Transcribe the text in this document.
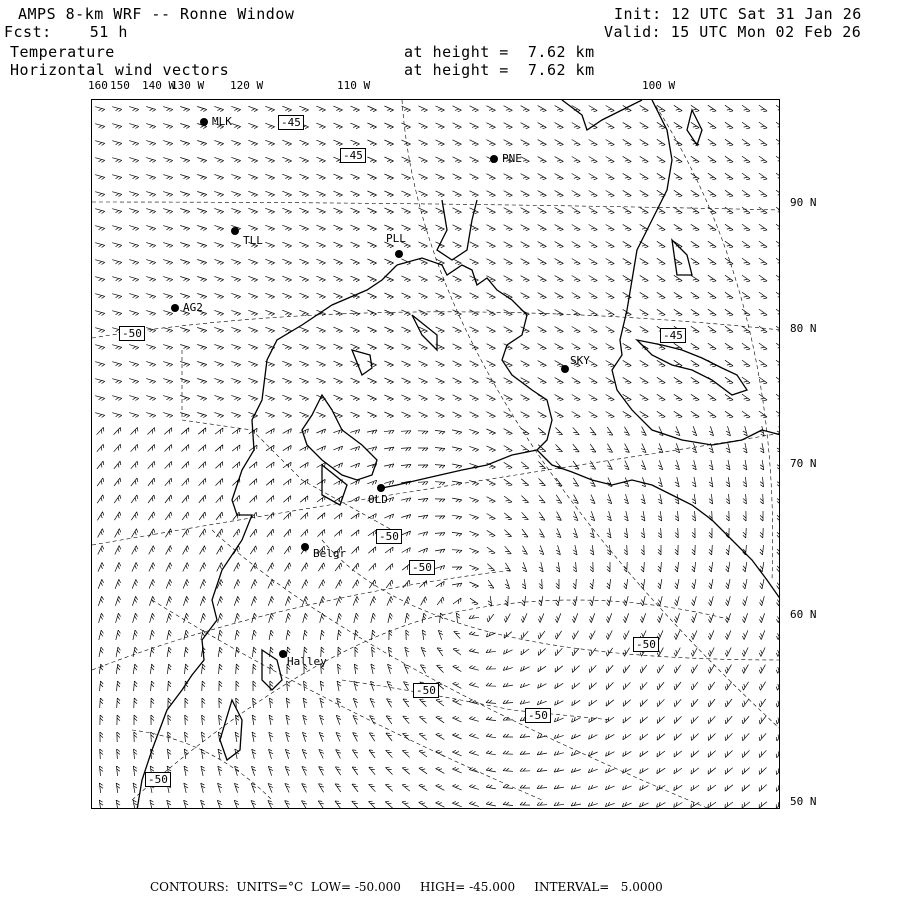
AMPS 8-km WRF -- Ronne Window
Fcst:    51 h
Init: 12 UTC Sat 31 Jan 26
Valid: 15 UTC Mon 02 Feb 26
Temperature
Horizontal wind vectors
at height =  7.62 km
at height =  7.62 km
160 150 140 W
130 W 120 W	110 W	100 W
90 N
80 N
70 N
60 N
50 N
MLK
PNE
TLL	PLL
AG2
SKY
OLD
Belgr
Halley
-45
-45
-50	-45
-50
-50
-50
-50
-50
-50
CONTOURS:  UNITS=°C  LOW= -50.000     HIGH= -45.000     INTERVAL=   5.0000
